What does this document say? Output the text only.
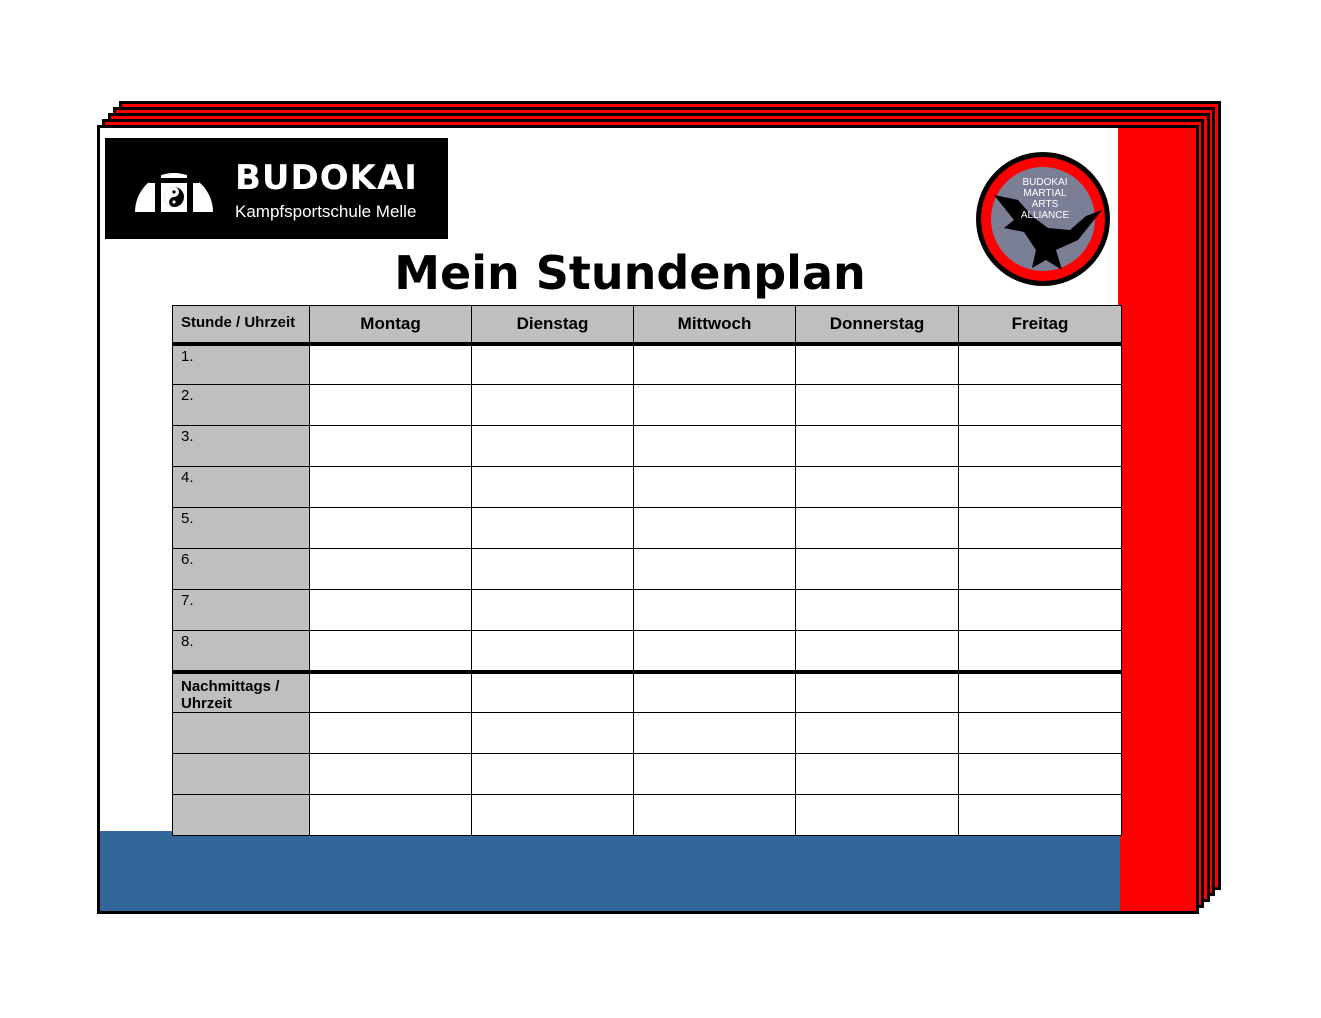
BUDOKAI
Kampfsportschule Melle
BUDOKAI
MARTIAL ARTS
ALLIANCE
Mein Stundenplan
Stunde / Uhrzeit	Montag	Dienstag	Mittwoch	Donnerstag	Freitag
1.					
2.					
3.					
4.					
5.					
6.					
7.					
8.					
Nachmittags / Uhrzeit					
